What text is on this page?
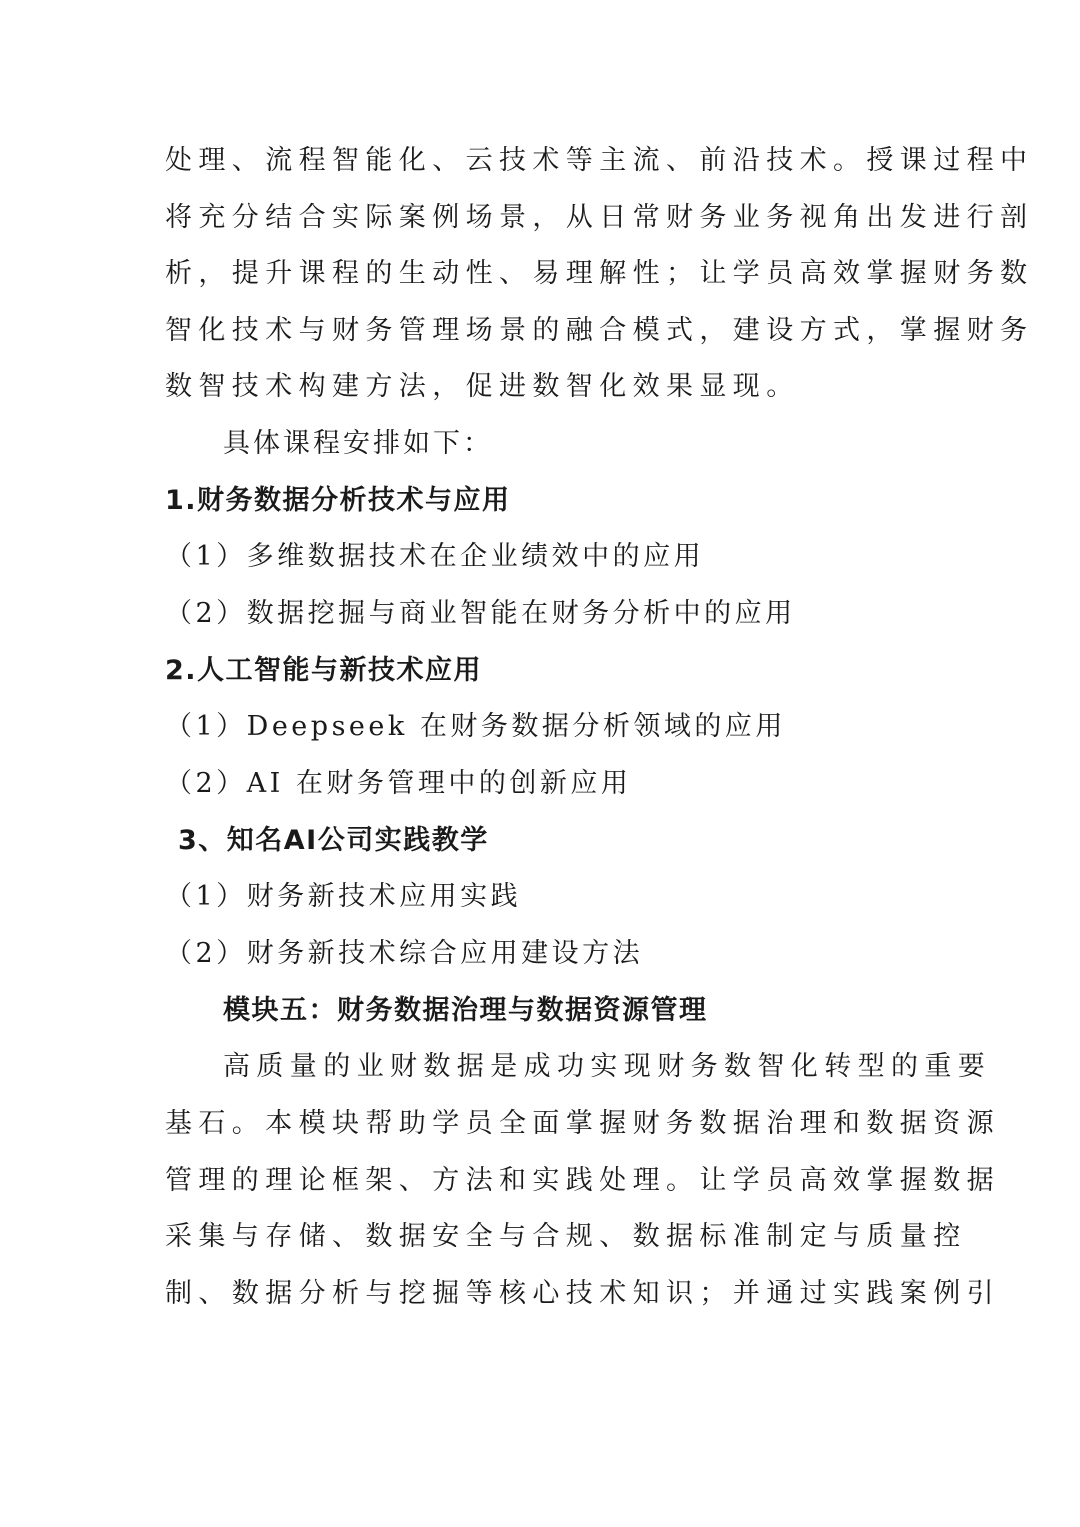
处理、流程智能化、云技术等主流、前沿技术。授课过程中
将充分结合实际案例场景，从日常财务业务视角出发进行剖
析，提升课程的生动性、易理解性；让学员高效掌握财务数
智化技术与财务管理场景的融合模式，建设方式，掌握财务
数智技术构建方法，促进数智化效果显现。
具体课程安排如下：
1.财务数据分析技术与应用
（1）多维数据技术在企业绩效中的应用
（2）数据挖掘与商业智能在财务分析中的应用
2.人工智能与新技术应用
（1）Deepseek 在财务数据分析领域的应用
（2）AI 在财务管理中的创新应用
3、知名AI公司实践教学
（1）财务新技术应用实践
（2）财务新技术综合应用建设方法
模块五：财务数据治理与数据资源管理
高质量的业财数据是成功实现财务数智化转型的重要
基石。本模块帮助学员全面掌握财务数据治理和数据资源
管理的理论框架、方法和实践处理。让学员高效掌握数据
采集与存储、数据安全与合规、数据标准制定与质量控
制、数据分析与挖掘等核心技术知识；并通过实践案例引
